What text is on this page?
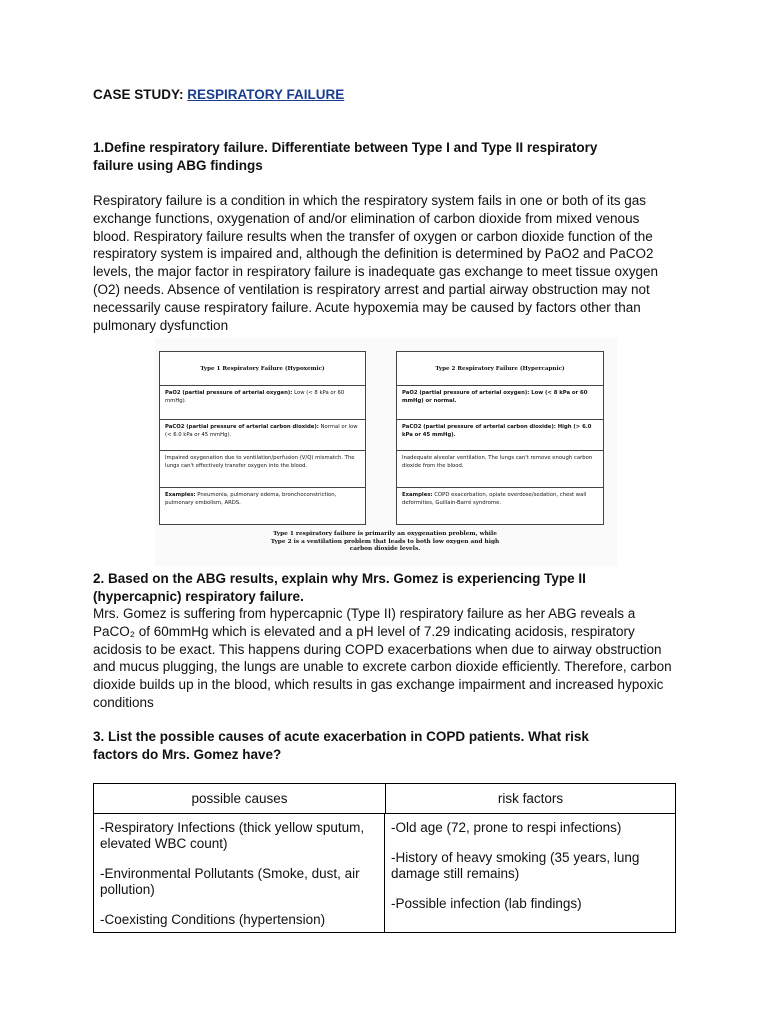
CASE STUDY: RESPIRATORY FAILURE
1.Define respiratory failure. Differentiate between Type I and Type II respiratory failure using ABG findings
Respiratory failure is a condition in which the respiratory system fails in one or both of its gas exchange functions, oxygenation of and/or elimination of carbon dioxide from mixed venous blood. Respiratory failure results when the transfer of oxygen or carbon dioxide function of the respiratory system is impaired and, although the definition is determined by PaO2 and PaCO2 levels, the major factor in respiratory failure is inadequate gas exchange to meet tissue oxygen (O2) needs. Absence of ventilation is respiratory arrest and partial airway obstruction may not necessarily cause respiratory failure. Acute hypoxemia may be caused by factors other than pulmonary dysfunction
Type 1 Respiratory Failure (Hypoxemic)
PaO2 (partial pressure of arterial oxygen): Low (< 8 kPa or 60 mmHg).
PaCO2 (partial pressure of arterial carbon dioxide): Normal or low (< 6.0 kPa or 45 mmHg).
Impaired oxygenation due to ventilation/perfusion (V/Q) mismatch. The lungs can't effectively transfer oxygen into the blood.
Examples: Pneumonia, pulmonary edema, bronchoconstriction, pulmonary embolism, ARDS.
Type 2 Respiratory Failure (Hypercapnic)
PaO2 (partial pressure of arterial oxygen): Low (< 8 kPa or 60 mmHg) or normal.
PaCO2 (partial pressure of arterial carbon dioxide): High (> 6.0 kPa or 45 mmHg).
Inadequate alveolar ventilation. The lungs can't remove enough carbon dioxide from the blood.
Examples: COPD exacerbation, opiate overdose/sedation, chest wall deformities, Guillain-Barré syndrome.
Type 1 respiratory failure is primarily an oxygenation problem, while Type 2 is a ventilation problem that leads to both low oxygen and high carbon dioxide levels.
2. Based on the ABG results, explain why Mrs. Gomez is experiencing Type II (hypercapnic) respiratory failure.
Mrs. Gomez is suffering from hypercapnic (Type II) respiratory failure as her ABG reveals a PaCO₂ of 60mmHg which is elevated and a pH level of 7.29 indicating acidosis, respiratory acidosis to be exact. This happens during COPD exacerbations when due to airway obstruction and mucus plugging, the lungs are unable to excrete carbon dioxide efficiently. Therefore, carbon dioxide builds up in the blood, which results in gas exchange impairment and increased hypoxic conditions
3. List the possible causes of acute exacerbation in COPD patients. What risk factors do Mrs. Gomez have?
possible causes	risk factors
-Respiratory Infections (thick yellow sputum, elevated WBC count)
-Environmental Pollutants (Smoke, dust, air pollution)
-Coexisting Conditions (hypertension)
-Old age (72, prone to respi infections)
-History of heavy smoking (35 years, lung damage still remains)
-Possible infection (lab findings)
